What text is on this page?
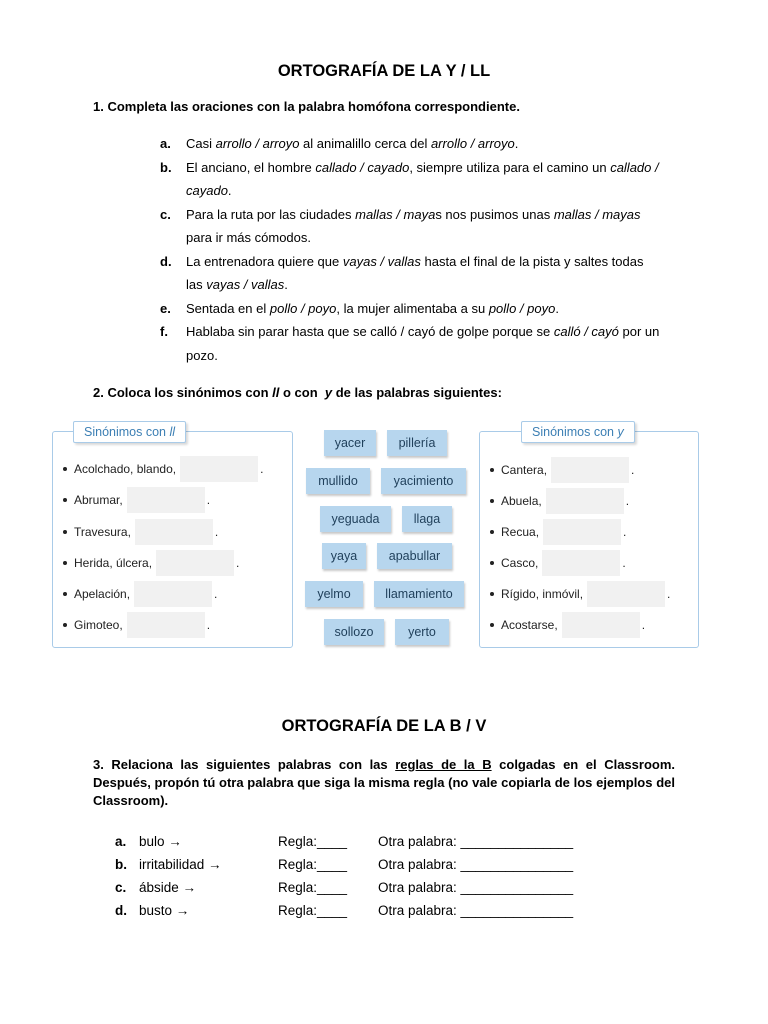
ORTOGRAFÍA DE LA Y / LL
1. Completa las oraciones con la palabra homófona correspondiente.
a. Casi arrollo / arroyo al animalillo cerca del arrollo / arroyo.
b. El anciano, el hombre callado / cayado, siempre utiliza para el camino un callado / cayado.
c. Para la ruta por las ciudades mallas / mayas nos pusimos unas mallas / mayas para ir más cómodos.
d. La entrenadora quiere que vayas / vallas hasta el final de la pista y saltes todas las vayas / vallas.
e. Sentada en el pollo / poyo, la mujer alimentaba a su pollo / poyo.
f. Hablaba sin parar hasta que se calló / cayó de golpe porque se calló / cayó por un pozo.
2. Coloca los sinónimos con ll o con  y de las palabras siguientes:
Sinónimos con ll
Acolchado, blando,	.
Abrumar,	.
Travesura,	.
Herida, úlcera,	.
Apelación,	.
Gimoteo,	.
yacer	pillería
mullido	yacimiento
yeguada	llaga
yaya	apabullar
yelmo	llamamiento
sollozo	yerto
Sinónimos con y
Cantera,	.
Abuela,	.
Recua,	.
Casco,	.
Rígido, inmóvil,	.
Acostarse,	.
ORTOGRAFÍA DE LA B / V
3. Relaciona las siguientes palabras con las reglas de la B colgadas en el Classroom. Después, propón tú otra palabra que siga la misma regla (no vale copiarla de los ejemplos del Classroom).
a. bulo →	Regla:____ Otra palabra: _______________
b. irritabilidad →	Regla:____ Otra palabra: _______________
c. ábside →	Regla:____ Otra palabra: _______________
d. busto →	Regla:____ Otra palabra: _______________
